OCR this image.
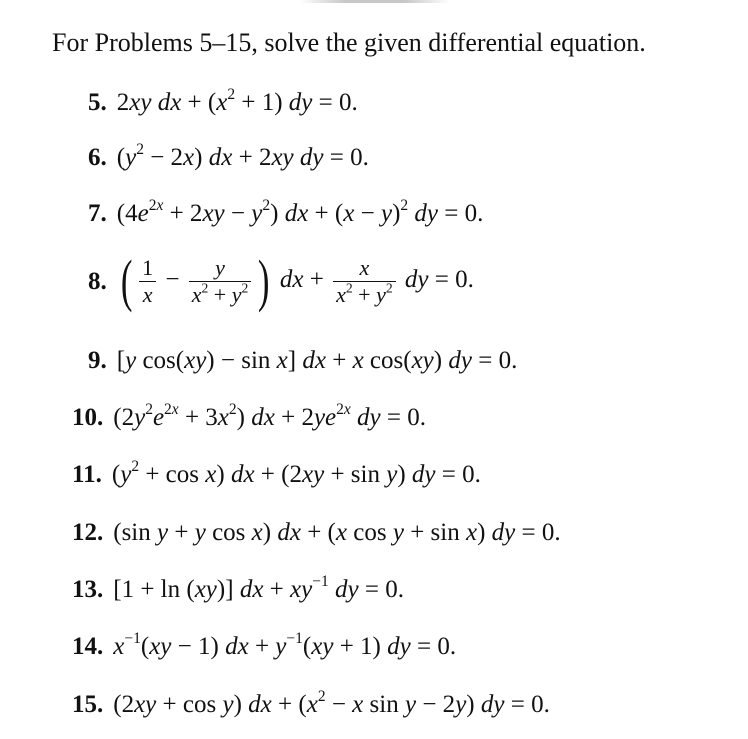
For Problems 5–15, solve the given differential equation.
5. 2xy dx + $(x^2 + 1)$ dy = 0.
6. $(y^2 - 2x)$ dx + 2xy dy = 0.
7. $(4e^{2x} + 2xy - y^2)$ dx + $(x - y)^2$ dy = 0.
8. ( $\frac{1}{x} - \frac{y}{x^2 + y^2}$ ) dx + $\frac{x}{x^2 + y^2}$ dy = 0.
9. [y cos(xy) − sin x] dx + x cos(xy) dy = 0.
10. $(2y^2e^{2x} + 3x^2)$ dx + $2ye^{2x}$ dy = 0.
11. $(y^2 + \cos x)$ dx + (2xy + sin y) dy = 0.
12. (sin y + y cos x) dx + (x cos y + sin x) dy = 0.
13. [1 + ln (xy)] dx + $xy^{-1}$ dy = 0.
14. $x^{-1}(xy - 1)$ dx + $y^{-1}(xy + 1)$ dy = 0.
15. (2xy + cos y) dx + ($x^2 - x$ sin y − 2y) dy = 0.
